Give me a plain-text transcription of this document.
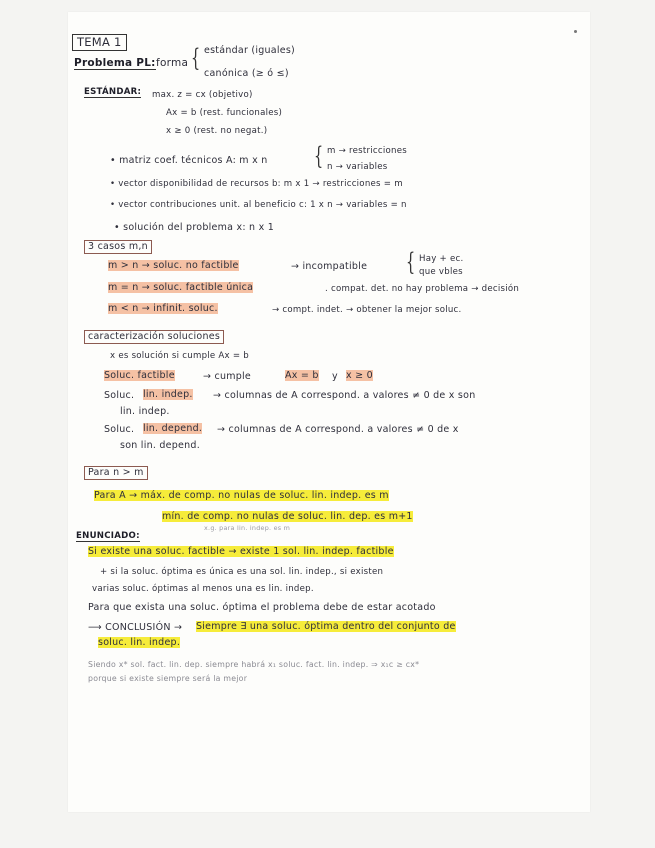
TEMA 1
Problema PL: forma { estándar (iguales)
canónica (≥ ó ≤)
ESTÁNDAR: max. z = cx (objetivo)
Ax = b (rest. funcionales)
x ≥ 0 (rest. no negat.)
• matriz coef. técnicos A: m x n { m → restricciones
n → variables
• vector disponibilidad de recursos b: m x 1 → restricciones = m
• vector contribuciones unit. al beneficio c: 1 x n → variables = n
• solución del problema x: n x 1
3 casos m,n
m > n → soluc. no factible	→ incompatible { Hay + ec.
que vbles
m = n → soluc. factible única	. compat. det. no hay problema → decisión
m < n → infinit. soluc.	→ compt. indet. → obtener la mejor soluc.
caracterización soluciones
x es solución si cumple Ax = b
Soluc. factible	→ cumple	Ax = b y x ≥ 0
Soluc. lin. indep. → columnas de A correspond. a valores ≠ 0 de x son
lin. indep.
Soluc. lin. depend. → columnas de A correspond. a valores ≠ 0 de x
son lin. depend.
Para n > m
Para A → máx. de comp. no nulas de soluc. lin. indep. es m
mín. de comp. no nulas de soluc. lin. dep. es m+1
x.g. para lin. indep. es m
ENUNCIADO:
Si existe una soluc. factible → existe 1 sol. lin. indep. factible
+ si la soluc. óptima es única es una sol. lin. indep., si existen
varias soluc. óptimas al menos una es lin. indep.
Para que exista una soluc. óptima el problema debe de estar acotado
⟶ CONCLUSIÓN → Siempre ∃ una soluc. óptima dentro del conjunto de
soluc. lin. indep.
Siendo x* sol. fact. lin. dep. siempre habrá x₁ soluc. fact. lin. indep. ⇒ x₁c ≥ cx*
porque si existe siempre será la mejor
